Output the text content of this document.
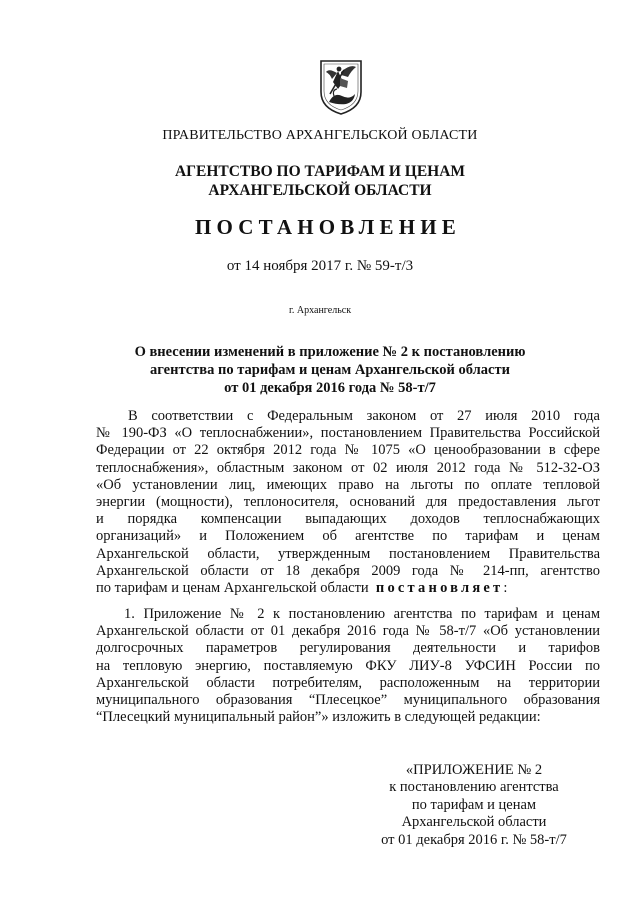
ПРАВИТЕЛЬСТВО АРХАНГЕЛЬСКОЙ ОБЛАСТИ
АГЕНТСТВО ПО ТАРИФАМ И ЦЕНАМ
АРХАНГЕЛЬСКОЙ ОБЛАСТИ
ПОСТАНОВЛЕНИЕ
от 14 ноября 2017 г. № 59-т/3
г. Архангельск
О внесении изменений в приложение № 2 к постановлению
агентства по тарифам и ценам Архангельской области
от 01 декабря 2016 года № 58-т/7
В соответствии с Федеральным законом от 27 июля 2010 года
№ 190-ФЗ «О теплоснабжении», постановлением Правительства Российской
Федерации от 22 октября 2012 года № 1075 «О ценообразовании в сфере
теплоснабжения», областным законом от 02 июля 2012 года № 512-32-ОЗ
«Об установлении лиц, имеющих право на льготы по оплате тепловой
энергии (мощности), теплоносителя, оснований для предоставления льгот
и порядка компенсации выпадающих доходов теплоснабжающих
организаций» и Положением об агентстве по тарифам и ценам
Архангельской области, утвержденным постановлением Правительства
Архангельской области от 18 декабря 2009 года № 214-пп, агентство
по тарифам и ценам Архангельской области постановляет:
1. Приложение № 2 к постановлению агентства по тарифам и ценам
Архангельской области от 01 декабря 2016 года № 58-т/7 «Об установлении
долгосрочных параметров регулирования деятельности и тарифов
на тепловую энергию, поставляемую ФКУ ЛИУ-8 УФСИН России по
Архангельской области потребителям, расположенным на территории
муниципального образования “Плесецкое” муниципального образования
“Плесецкий муниципальный район”» изложить в следующей редакции:
«ПРИЛОЖЕНИЕ № 2
к постановлению агентства
по тарифам и ценам
Архангельской области
от 01 декабря 2016 г. № 58-т/7
